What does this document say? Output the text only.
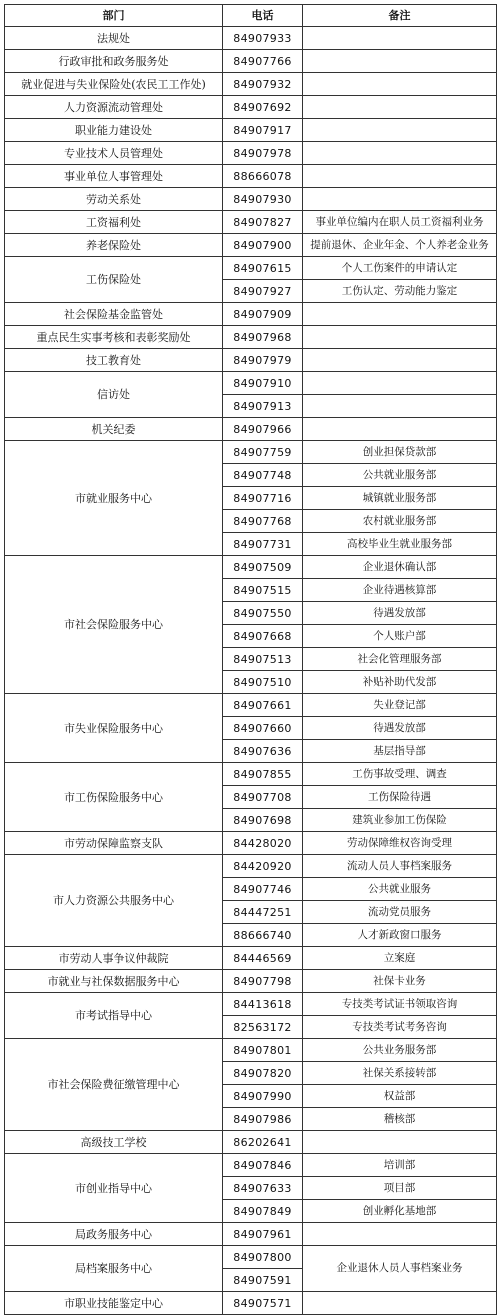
部门	电话	备注
法规处	84907933	
行政审批和政务服务处	84907766	
就业促进与失业保险处(农民工工作处)	84907932	
人力资源流动管理处	84907692	
职业能力建设处	84907917	
专业技术人员管理处	84907978	
事业单位人事管理处	88666078	
劳动关系处	84907930	
工资福利处	84907827	事业单位编内在职人员工资福利业务
养老保险处	84907900	提前退休、企业年金、个人养老金业务
工伤保险处	84907615	个人工伤案件的申请认定
	84907927	工伤认定、劳动能力鉴定
社会保险基金监管处	84907909	
重点民生实事考核和表彰奖励处	84907968	
技工教育处	84907979	
信访处	84907910	
	84907913	
机关纪委	84907966	
市就业服务中心	84907759	创业担保贷款部
	84907748	公共就业服务部
	84907716	城镇就业服务部
	84907768	农村就业服务部
	84907731	高校毕业生就业服务部
市社会保险服务中心	84907509	企业退休确认部
	84907515	企业待遇核算部
	84907550	待遇发放部
	84907668	个人账户部
	84907513	社会化管理服务部
	84907510	补贴补助代发部
市失业保险服务中心	84907661	失业登记部
	84907660	待遇发放部
	84907636	基层指导部
市工伤保险服务中心	84907855	工伤事故受理、调查
	84907708	工伤保险待遇
	84907698	建筑业参加工伤保险
市劳动保障监察支队	84428020	劳动保障维权咨询受理
市人力资源公共服务中心	84420920	流动人员人事档案服务
	84907746	公共就业服务
	84447251	流动党员服务
	88666740	人才新政窗口服务
市劳动人事争议仲裁院	84446569	立案庭
市就业与社保数据服务中心	84907798	社保卡业务
市考试指导中心	84413618	专技类考试证书领取咨询
	82563172	专技类考试考务咨询
市社会保险费征缴管理中心	84907801	公共业务服务部
	84907820	社保关系接转部
	84907990	权益部
	84907986	稽核部
高级技工学校	86202641	
市创业指导中心	84907846	培训部
	84907633	项目部
	84907849	创业孵化基地部
局政务服务中心	84907961	
局档案服务中心	84907800	企业退休人员人事档案业务
	84907591	
市职业技能鉴定中心	84907571	
